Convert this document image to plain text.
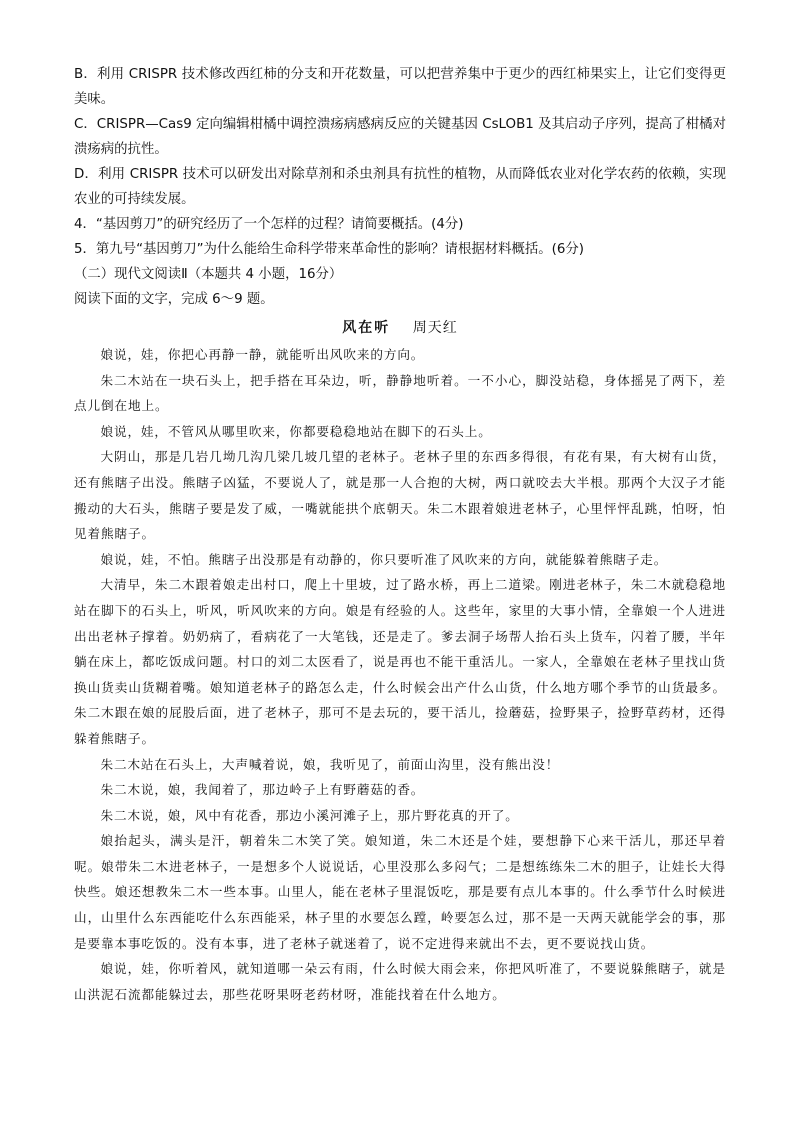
B．利用 CRISPR 技术修改西红柿的分支和开花数量，可以把营养集中于更少的西红柿果实上，让它们变得更美味。

C．CRISPR—Cas9 定向编辑柑橘中调控溃疡病感病反应的关键基因 CsLOB1 及其启动子序列，提高了柑橘对溃疡病的抗性。

D．利用 CRISPR 技术可以研发出对除草剂和杀虫剂具有抗性的植物，从而降低农业对化学农药的依赖，实现农业的可持续发展。

4．“基因剪刀”的研究经历了一个怎样的过程？请简要概括。(4分)

5．第九号“基因剪刀”为什么能给生命科学带来革命性的影响？请根据材料概括。(6分)

（二）现代文阅读Ⅱ（本题共 4 小题，16分）

阅读下面的文字，完成 6～9 题。

风在听 周天红

娘说，娃，你把心再静一静，就能听出风吹来的方向。

朱二木站在一块石头上，把手搭在耳朵边，听，静静地听着。一不小心，脚没站稳，身体摇晃了两下，差点儿倒在地上。

娘说，娃，不管风从哪里吹来，你都要稳稳地站在脚下的石头上。

大阴山，那是几岩几坳几沟几梁几坡几望的老林子。老林子里的东西多得很，有花有果，有大树有山货，还有熊瞎子出没。熊瞎子凶猛，不要说人了，就是那一人合抱的大树，两口就咬去大半根。那两个大汉子才能搬动的大石头，熊瞎子要是发了威，一嘴就能拱个底朝天。朱二木跟着娘进老林子，心里怦怦乱跳，怕呀，怕见着熊瞎子。

娘说，娃，不怕。熊瞎子出没那是有动静的，你只要听准了风吹来的方向，就能躲着熊瞎子走。

大清早，朱二木跟着娘走出村口，爬上十里坡，过了路水桥，再上二道梁。刚进老林子，朱二木就稳稳地站在脚下的石头上，听风，听风吹来的方向。娘是有经验的人。这些年，家里的大事小情，全靠娘一个人进进出出老林子撑着。奶奶病了，看病花了一大笔钱，还是走了。爹去洞子场帮人抬石头上货车，闪着了腰，半年躺在床上，都吃饭成问题。村口的刘二太医看了，说是再也不能干重活儿。一家人，全靠娘在老林子里找山货换山货卖山货糊着嘴。娘知道老林子的路怎么走，什么时候会出产什么山货，什么地方哪个季节的山货最多。朱二木跟在娘的屁股后面，进了老林子，那可不是去玩的，要干活儿，捡蘑菇，捡野果子，捡野草药材，还得躲着熊瞎子。

朱二木站在石头上，大声喊着说，娘，我听见了，前面山沟里，没有熊出没！

朱二木说，娘，我闻着了，那边岭子上有野蘑菇的香。

朱二木说，娘，风中有花香，那边小溪河滩子上，那片野花真的开了。

娘抬起头，满头是汗，朝着朱二木笑了笑。娘知道，朱二木还是个娃，要想静下心来干活儿，那还早着呢。娘带朱二木进老林子，一是想多个人说说话，心里没那么多闷气；二是想练练朱二木的胆子，让娃长大得快些。娘还想教朱二木一些本事。山里人，能在老林子里混饭吃，那是要有点儿本事的。什么季节什么时候进山，山里什么东西能吃什么东西能采，林子里的水要怎么蹚，岭要怎么过，那不是一天两天就能学会的事，那是要靠本事吃饭的。没有本事，进了老林子就迷着了，说不定进得来就出不去，更不要说找山货。

娘说，娃，你听着风，就知道哪一朵云有雨，什么时候大雨会来，你把风听准了，不要说躲熊瞎子，就是山洪泥石流都能躲过去，那些花呀果呀老药材呀，准能找着在什么地方。
